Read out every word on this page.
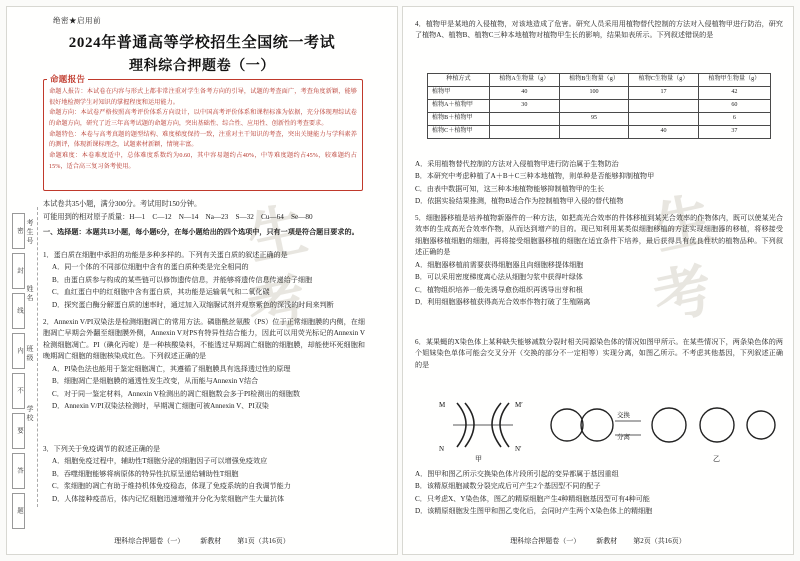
生
考
绝密★启用前
2024年普通高等学校招生全国统一考试
理科综合押题卷（一）
命题报告
命题人报告：本试卷在内容与形式上都非常注重对学生备考方向的引导，试题的考查面广，考查角度新颖，能够很好地检测学生对知识的掌握程度和运用能力。
命题方向：本试卷严格按照高考评价体系方向设计，以中国高考评价体系和课程标准为依据，充分体现理综试卷的命题方向，研究了近三年高考试题的命题方向，突出基础性、综合性、应用性、创新性的考查要求。
命题特色：本卷与高考真题的题型结构、难度梯度保持一致，注重对主干知识的考查，突出关键能力与学科素养的测评，体现新课标理念，试题素材新颖，情境丰富。
命题难度：本卷难度适中，总体难度系数约为0.60，其中容易题约占40%，中等难度题约占45%，较难题约占15%，适合高三复习备考使用。
本试卷共35小题，满分300分。考试用时150分钟。
可能用到的相对原子质量：H—1　C—12　N—14　Na—23　S—32　Cu—64　Se—80
一、选择题：本题共13小题，每小题6分，在每小题给出的四个选项中，只有一项是符合题目要求的。

1．蛋白质在细胞中承担的功能是多种多样的。下列有关蛋白质的叙述正确的是

A．同一个体的不同部位细胞中含有的蛋白质种类是完全相同的

B．由蛋白质参与构成的某些链可以修饰遗传信息，并能够将遗传信息传递给子细胞

C．血红蛋白中的红细胞中含有蛋白质，其功能是运输氧气和二氧化碳

D．探究蛋白酶分解蛋白质的速率时，通过加入双缩脲试剂并观察紫色的深浅的时间来判断

2．Annexin V/PI双染法是检测细胞凋亡的常用方法。磷脂酰丝氨酸（PS）位于正常细胞膜的内侧，在细胞凋亡早期会外翻至细胞膜外侧，Annexin V对PS有特异性结合能力，因此可以用荧光标记的Annexin V检测细胞凋亡。PI（碘化丙啶）是一种核酸染料，不能透过早期凋亡细胞的细胞膜，却能使坏死细胞和晚期凋亡细胞的细胞核染成红色。下列叙述正确的是

A．PI染色法也能用于鉴定细胞凋亡，其遵循了细胞膜具有选择透过性的原理

B．细胞凋亡是细胞膜的通透性发生改变，从而能与Annexin V结合

C．对于同一鉴定材料，Annexin V检测出的凋亡细胞数会多于PI检测出的细胞数

D．Annexin V/PI双染法检测时，早期凋亡细胞可被Annexin V、PI双染

3．下列关于免疫调节的叙述正确的是

A．细胞免疫过程中，辅助性T细胞分泌的细胞因子可以增强免疫效应

B．吞噬细胞能够将病原体的特异性抗原呈递给辅助性T细胞

C．浆细胞的凋亡有助于维持机体免疫稳态，体现了免疫系统的自我调节能力

D．人体接种疫苗后，体内记忆细胞迅速增殖并分化为浆细胞产生大量抗体

考生号
姓名
班级
学校
密
封
线
内
不
要
答
题
理科综合押题卷（一） 新教材 第1页（共16页）
生
考

4．植物甲是某地的入侵植物，对该地造成了危害。研究人员采用用植物替代控制的方法对入侵植物甲进行防治，研究了植物A、植物B、植物C三种本地植物对植物甲生长的影响，结果如表所示。下列叙述错误的是

种植方式	植物A生物量（g）	植物B生物量（g）	植物C生物量（g）	植物甲生物量（g）
植物甲	40	100	17	42
植物A＋植物甲	30			60
植物B＋植物甲		95		6
植物C＋植物甲			40	37

A．采用植物替代控制的方法对入侵植物甲进行防治属于生物防治

B．本研究中考虑种植了A＋B＋C三种本地植物，则单种是否能够抑制植物甲

C．由表中数据可知，这三种本地植物能够抑制植物甲的生长

D．依据实验结果推测，植物B适合作为控制植物甲入侵的替代植物

5．细胞器移植是培养植物新器件的一种方法，如把高光合效率的件体移植到某光合效率的作物体内，既可以使某光合效率的生成高光合效率作物，从而达到增产的目的。现已知利用某类似细胞移植的方法实现细胞器的移植，将移接受细胞器移植细胞的细胞，再将接受细胞器移植的细胞在适宜条件下培养，最后获得具有优良性状的植物品种。下列叙述正确的是

A．细胞器移植前需要获得细胞器且向细胞移提体细胞

B．可以采用密度梯度离心法从细胞匀浆中获得叶绿体

C．植物组织培养一般先诱导愈伤组织再诱导出芽和根

D．利用细胞器移植获得高光合效率作物打破了生殖隔离

6．某果蝇的X染色体上某种缺失能够减数分裂时相关同源染色体的情况如图甲所示。在某些情况下，两条染色体的两个姐妹染色单体可能会交叉分开（交换的部分不一定相等）实现分离，如图乙所示。不考虑其他基因，下列叙述正确的是

M
N
M′
N′
甲
交换
分离
乙

A．图甲和图乙所示交换染色体片段所引起的变异都属于基因重组

B．该精原细胞减数分裂完成后可产生2个基因型不同的配子

C．只考虑X、Y染色体，图乙的精原细胞产生4种精细胞基因型可有4种可能

D．该精原细胞发生图甲和图乙变化后，会同时产生两个X染色体上的精细胞

理科综合押题卷（一） 新教材 第2页（共16页）
